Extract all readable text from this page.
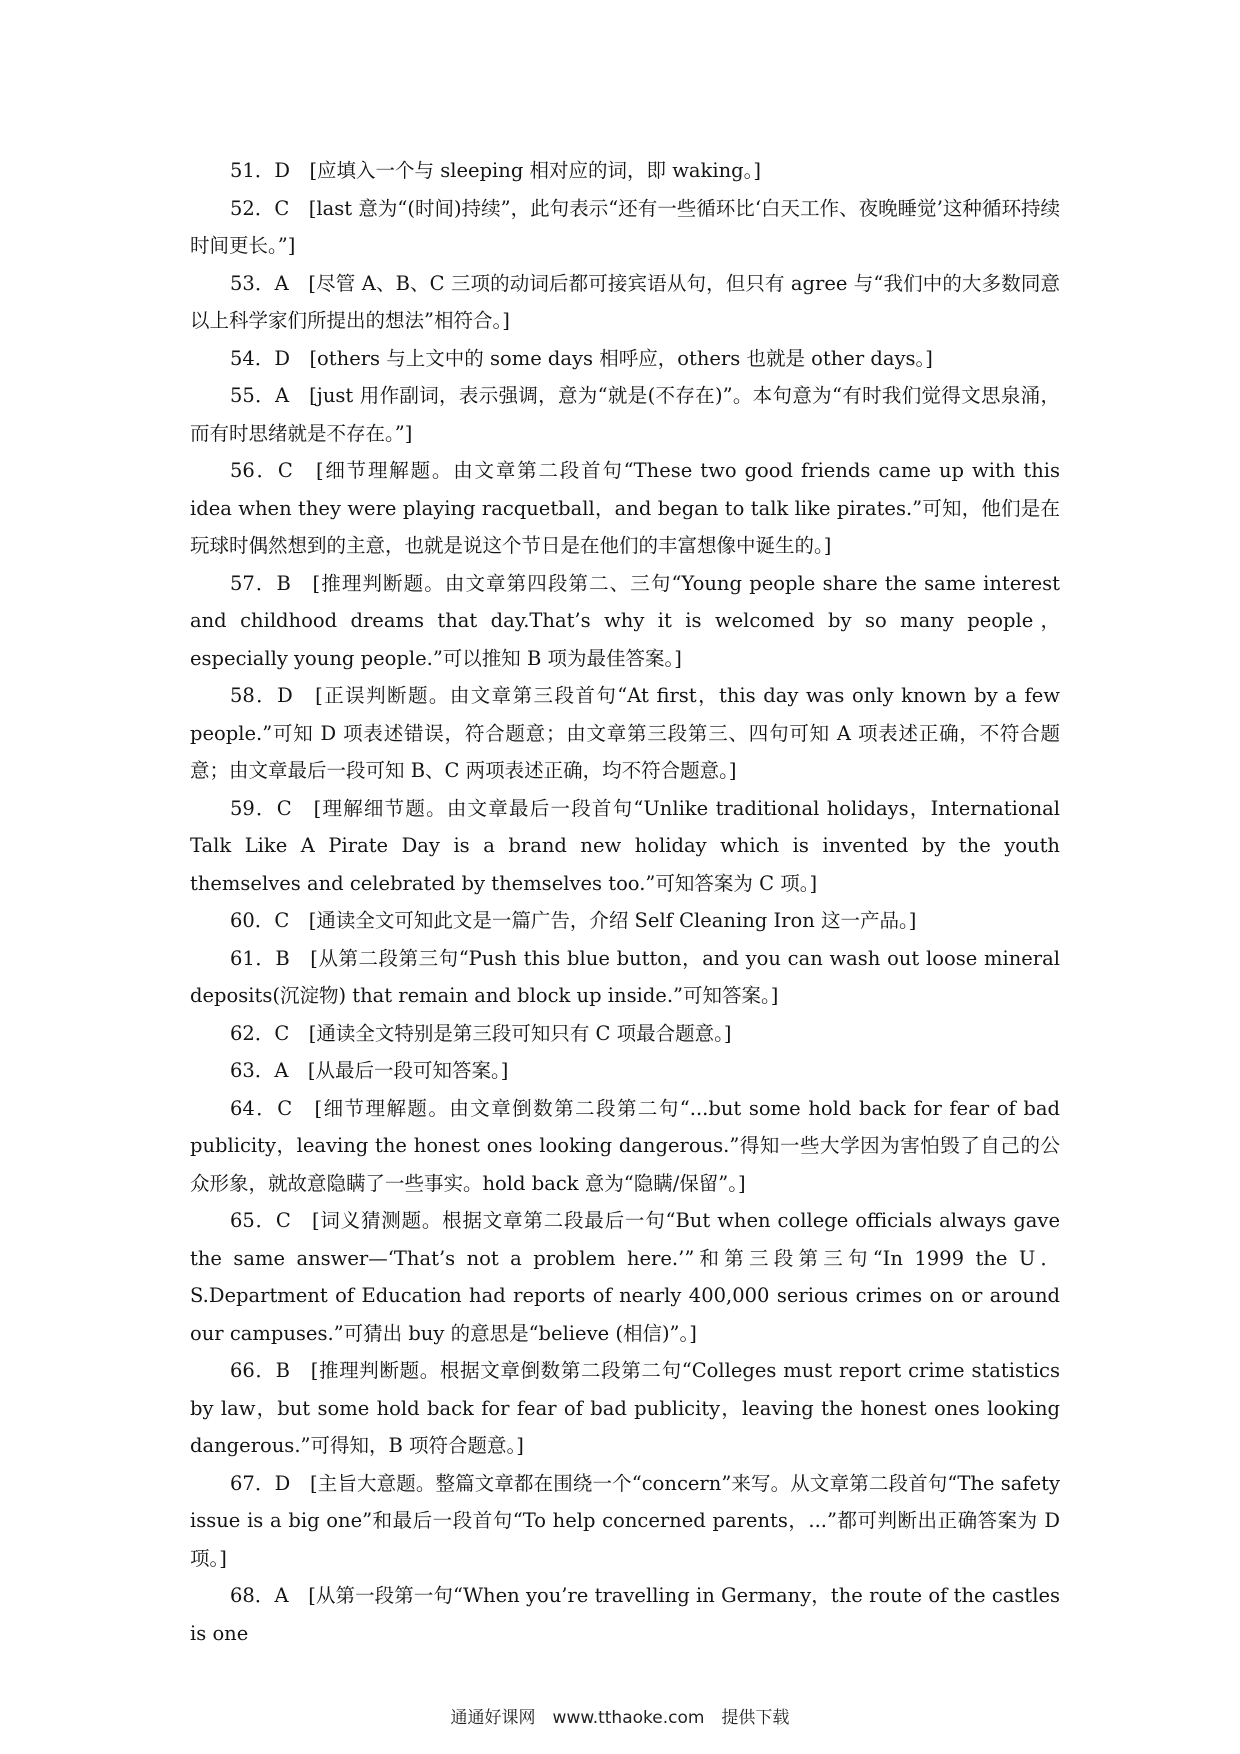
51．D　[应填入一个与 sleeping 相对应的词，即 waking。]

52．C　[last 意为“(时间)持续”，此句表示“还有一些循环比‘白天工作、夜晚睡觉’这种循环持续时间更长。”]

53．A　[尽管 A、B、C 三项的动词后都可接宾语从句，但只有 agree 与“我们中的大多数同意以上科学家们所提出的想法”相符合。]

54．D　[others 与上文中的 some days 相呼应，others 也就是 other days。]

55．A　[just 用作副词，表示强调，意为“就是(不存在)”。本句意为“有时我们觉得文思泉涌，而有时思绪就是不存在。”]

56．C　[细节理解题。由文章第二段首句“These two good friends came up with this idea when they were playing racquetball，and began to talk like pirates.”可知，他们是在玩球时偶然想到的主意，也就是说这个节日是在他们的丰富想像中诞生的。]

57．B　[推理判断题。由文章第四段第二、三句“Young people share the same interest and childhood dreams that day.That’s why it is welcomed by so many people，especially young people.”可以推知 B 项为最佳答案。]

58．D　[正误判断题。由文章第三段首句“At first，this day was only known by a few people.”可知 D 项表述错误，符合题意；由文章第三段第三、四句可知 A 项表述正确，不符合题意；由文章最后一段可知 B、C 两项表述正确，均不符合题意。]

59．C　[理解细节题。由文章最后一段首句“Unlike traditional holidays，International Talk Like A Pirate Day is a brand new holiday which is invented by the youth themselves and celebrated by themselves too.”可知答案为 C 项。]

60．C　[通读全文可知此文是一篇广告，介绍 Self Cleaning Iron 这一产品。]

61．B　[从第二段第三句“Push this blue button，and you can wash out loose mineral deposits(沉淀物) that remain and block up inside.”可知答案。]

62．C　[通读全文特别是第三段可知只有 C 项最合题意。]

63．A　[从最后一段可知答案。]

64．C　[细节理解题。由文章倒数第二段第二句“...but some hold back for fear of bad publicity，leaving the honest ones looking dangerous.”得知一些大学因为害怕毁了自己的公众形象，就故意隐瞒了一些事实。hold back 意为“隐瞒/保留”。]

65．C　[词义猜测题。根据文章第二段最后一句“But when college officials always gave the same answer—‘That’s not a problem here.’”和第三段第三句“In 1999 the U．S.Department of Education had reports of nearly 400,000 serious crimes on or around our campuses.”可猜出 buy 的意思是“believe (相信)”。]

66．B　[推理判断题。根据文章倒数第二段第二句“Colleges must report crime statistics by law，but some hold back for fear of bad publicity，leaving the honest ones looking dangerous.”可得知，B 项符合题意。]

67．D　[主旨大意题。整篇文章都在围绕一个“concern”来写。从文章第二段首句“The safety issue is a big one”和最后一段首句“To help concerned parents，...”都可判断出正确答案为 D 项。]

68．A　[从第一段第一句“When you’re travelling in Germany，the route of the castles is one

通通好课网　www.tthaoke.com　提供下载
